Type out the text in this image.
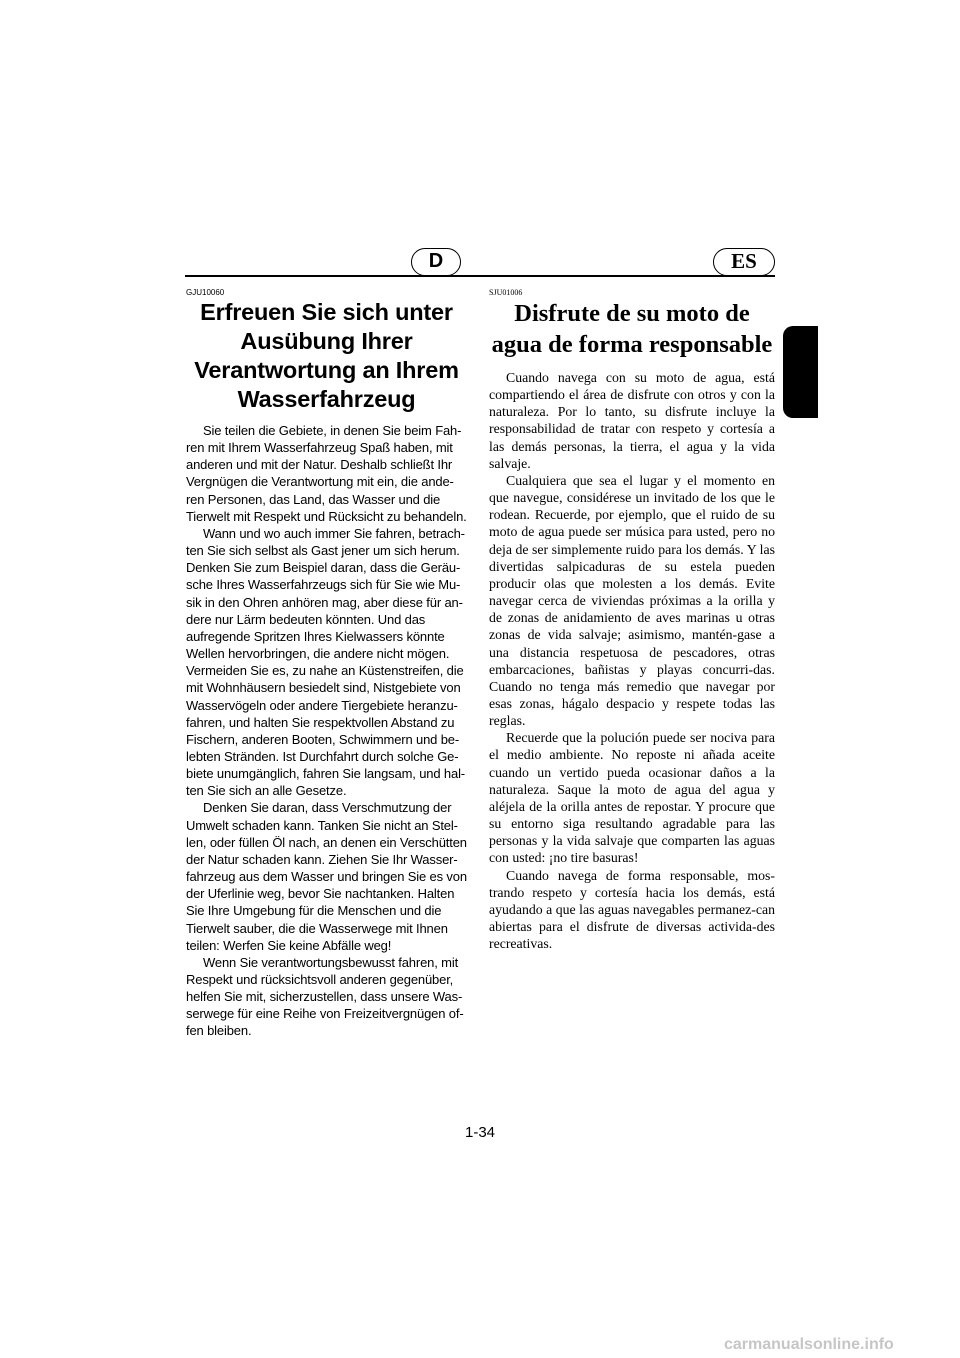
D	ES

GJU10060

Erfreuen Sie sich unter Ausübung Ihrer Verantwortung an Ihrem Wasserfahrzeug

Sie teilen die Gebiete, in denen Sie beim Fah-ren mit Ihrem Wasserfahrzeug Spaß haben, mit anderen und mit der Natur. Deshalb schließt Ihr Vergnügen die Verantwortung mit ein, die ande-ren Personen, das Land, das Wasser und die Tierwelt mit Respekt und Rücksicht zu behandeln.

Wann und wo auch immer Sie fahren, betrach-ten Sie sich selbst als Gast jener um sich herum. Denken Sie zum Beispiel daran, dass die Geräu-sche Ihres Wasserfahrzeugs sich für Sie wie Mu-sik in den Ohren anhören mag, aber diese für an-dere nur Lärm bedeuten könnten. Und das aufregende Spritzen Ihres Kielwassers könnte Wellen hervorbringen, die andere nicht mögen. Vermeiden Sie es, zu nahe an Küstenstreifen, die mit Wohnhäusern besiedelt sind, Nistgebiete von Wasservögeln oder andere Tiergebiete heranzu-fahren, und halten Sie respektvollen Abstand zu Fischern, anderen Booten, Schwimmern und be-lebten Stränden. Ist Durchfahrt durch solche Ge-biete unumgänglich, fahren Sie langsam, und hal-ten Sie sich an alle Gesetze.

Denken Sie daran, dass Verschmutzung der Umwelt schaden kann. Tanken Sie nicht an Stel-len, oder füllen Öl nach, an denen ein Verschütten der Natur schaden kann. Ziehen Sie Ihr Wasser-fahrzeug aus dem Wasser und bringen Sie es von der Uferlinie weg, bevor Sie nachtanken. Halten Sie Ihre Umgebung für die Menschen und die Tierwelt sauber, die die Wasserwege mit Ihnen teilen: Werfen Sie keine Abfälle weg!

Wenn Sie verantwortungsbewusst fahren, mit Respekt und rücksichtsvoll anderen gegenüber, helfen Sie mit, sicherzustellen, dass unsere Was-serwege für eine Reihe von Freizeitvergnügen of-fen bleiben.

SJU01006

Disfrute de su moto de agua de forma responsable

Cuando navega con su moto de agua, está compartiendo el área de disfrute con otros y con la naturaleza. Por lo tanto, su disfrute incluye la responsabilidad de tratar con respeto y cortesía a las demás personas, la tierra, el agua y la vida salvaje.

Cualquiera que sea el lugar y el momento en que navegue, considérese un invitado de los que le rodean. Recuerde, por ejemplo, que el ruido de su moto de agua puede ser música para usted, pero no deja de ser simplemente ruido para los demás. Y las divertidas salpicaduras de su estela pueden producir olas que molesten a los demás. Evite navegar cerca de viviendas próximas a la orilla y de zonas de anidamiento de aves marinas u otras zonas de vida salvaje; asimismo, mantén-gase a una distancia respetuosa de pescadores, otras embarcaciones, bañistas y playas concurri-das. Cuando no tenga más remedio que navegar por esas zonas, hágalo despacio y respete todas las reglas.

Recuerde que la polución puede ser nociva para el medio ambiente. No reposte ni añada aceite cuando un vertido pueda ocasionar daños a la naturaleza. Saque la moto de agua del agua y aléjela de la orilla antes de repostar. Y procure que su entorno siga resultando agradable para las personas y la vida salvaje que comparten las aguas con usted: ¡no tire basuras!

Cuando navega de forma responsable, mos-trando respeto y cortesía hacia los demás, está ayudando a que las aguas navegables permanez-can abiertas para el disfrute de diversas activida-des recreativas.

1-34
carmanualsonline.info
